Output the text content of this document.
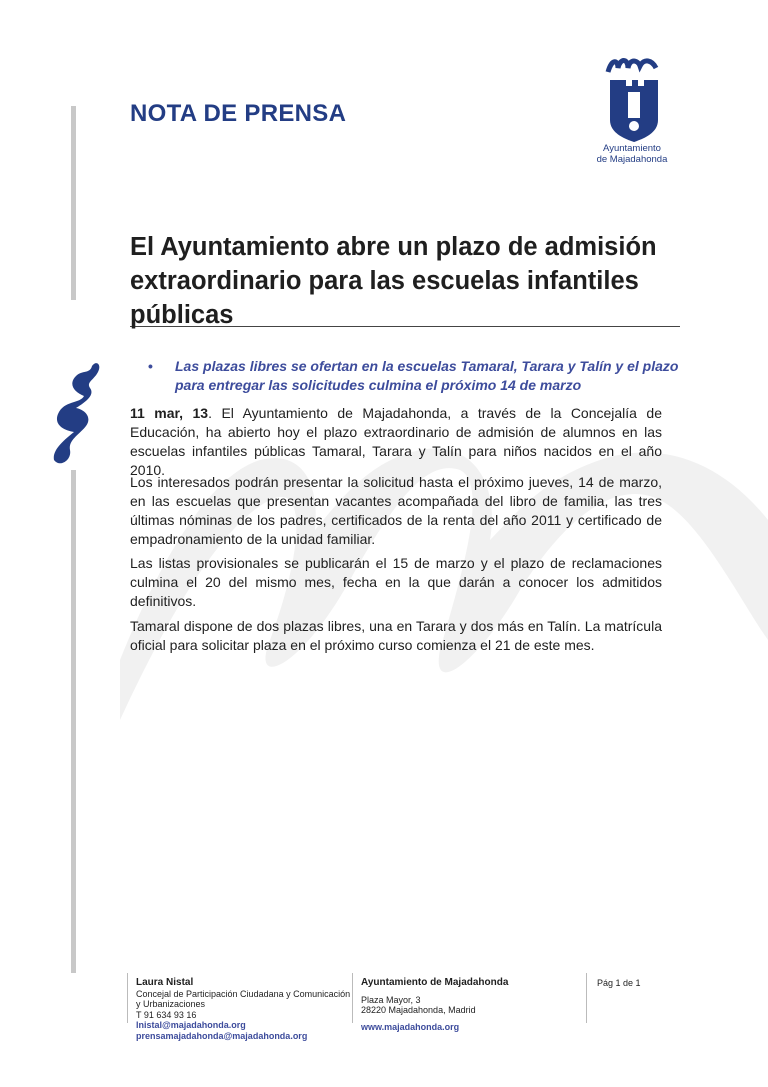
NOTA DE PRENSA
Ayuntamiento
de Majadahonda
El Ayuntamiento abre un plazo de admisión extraordinario para las escuelas infantiles públicas
•	Las plazas libres se ofertan en la escuelas Tamaral, Tarara y Talín y el plazo para entregar las solicitudes culmina el próximo 14 de marzo
11 mar, 13. El Ayuntamiento de Majadahonda, a través de la Concejalía de Educación, ha abierto hoy el plazo extraordinario de admisión de alumnos en las escuelas infantiles públicas Tamaral, Tarara y Talín para niños nacidos en el año 2010.
Los interesados podrán presentar la solicitud hasta el próximo jueves, 14 de marzo, en las escuelas que presentan vacantes acompañada del libro de familia, las tres últimas nóminas de los padres, certificados de la renta del año 2011 y certificado de empadronamiento de la unidad familiar.
Las listas provisionales se publicarán el 15 de marzo y el plazo de reclamaciones culmina el 20 del mismo mes, fecha en la que darán a conocer los admitidos definitivos.
Tamaral dispone de dos plazas libres, una en Tarara y dos más en Talín. La matrícula oficial para solicitar plaza en el próximo curso comienza el 21 de este mes.
Laura Nistal
Concejal de Participación Ciudadana y Comunicación
y Urbanizaciones
T 91 634 93 16
lnistal@majadahonda.org
prensamajadahonda@majadahonda.org
Ayuntamiento de Majadahonda
Plaza Mayor, 3
28220 Majadahonda, Madrid
www.majadahonda.org
Pág 1 de 1
